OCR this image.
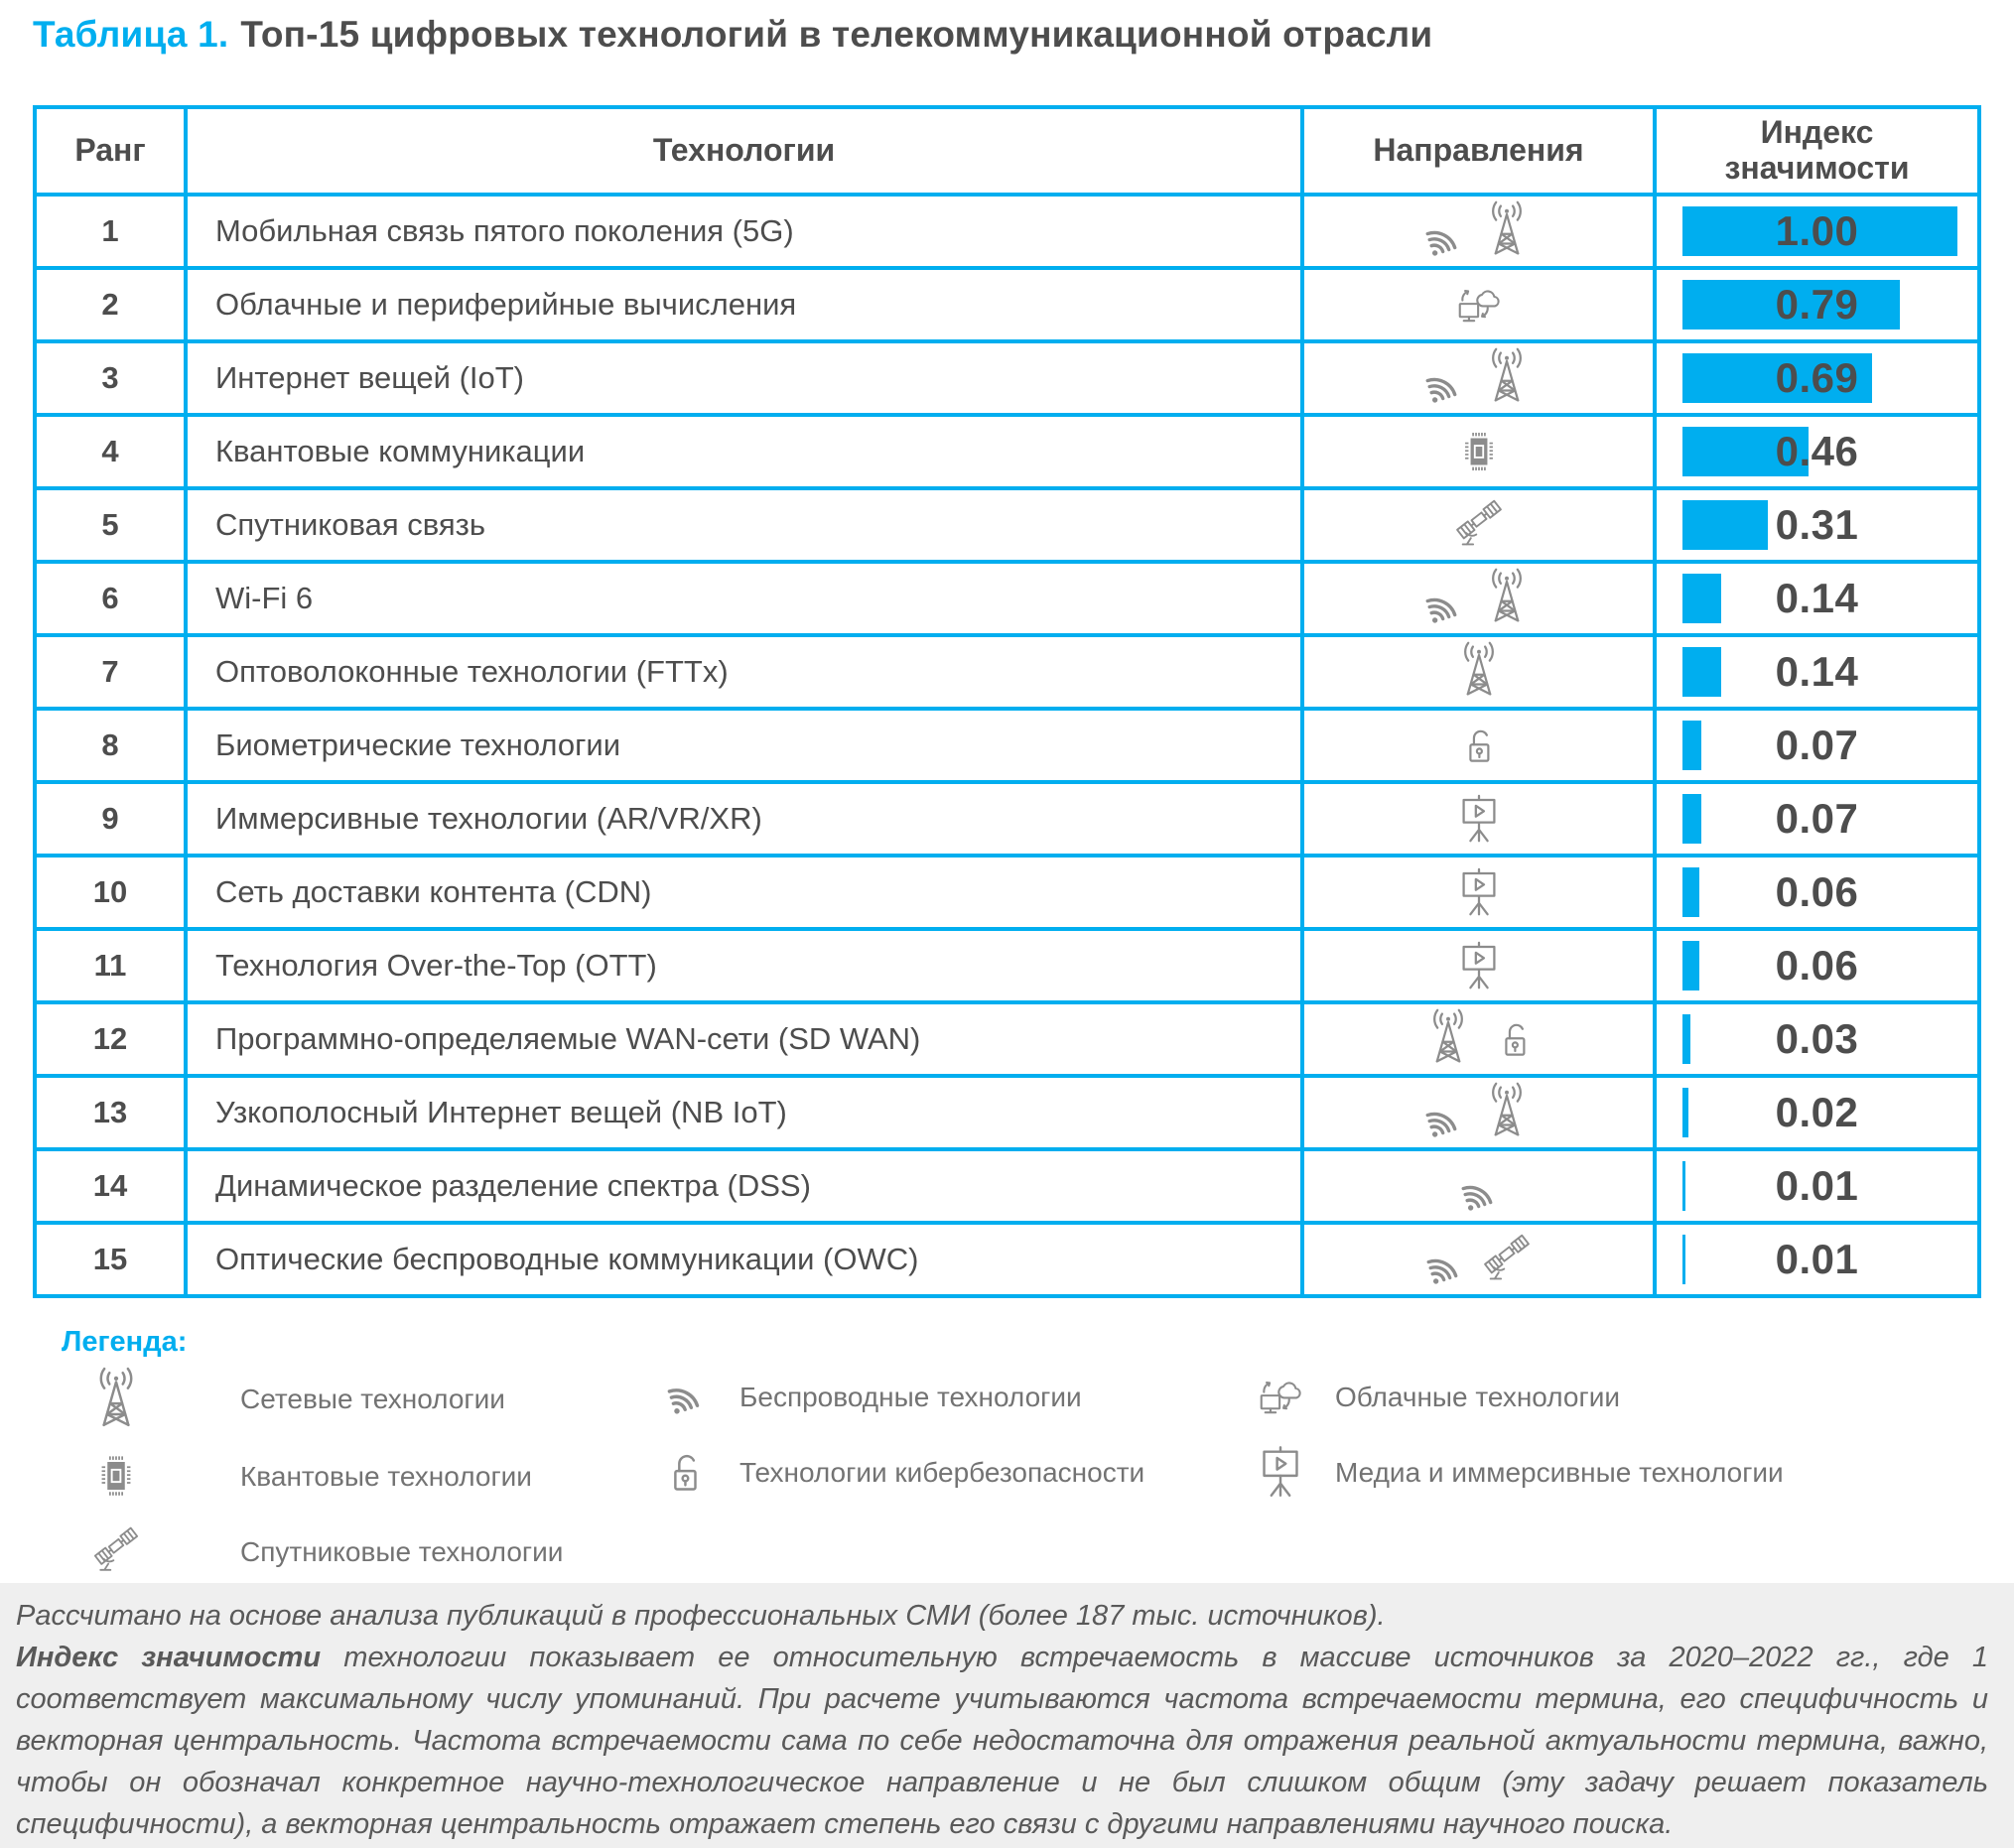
Таблица 1. Топ-15 цифровых технологий в телекоммуникационной отрасли
Ранг	Технологии	Направления	Индекс значимости
1	Мобильная связь пятого поколения (5G)	1.00
2	Облачные и периферийные вычисления	0.79
3	Интернет вещей (IoT)	0.69
4	Квантовые коммуникации	0.46
5	Спутниковая связь	0.31
6	Wi-Fi 6	0.14
7	Оптоволоконные технологии (FTTx)	0.14
8	Биометрические технологии	0.07
9	Иммерсивные технологии (AR/VR/XR)	0.07
10	Сеть доставки контента (CDN)	0.06
11	Технология Over-the-Top (ОТТ)	0.06
12	Программно-определяемые WAN-сети (SD WAN)	0.03
13	Узкополосный Интернет вещей (NB IoT)	0.02
14	Динамическое разделение спектра (DSS)	0.01
15	Оптические беспроводные коммуникации (OWC)	0.01
Легенда:
Сетевые технологии
Квантовые технологии
Спутниковые технологии
Беспроводные технологии
Технологии кибербезопасности
Облачные технологии
Медиа и иммерсивные технологии

Рассчитано на основе анализа публикаций в профессиональных СМИ (более 187 тыс. источников).

Индекс значимости технологии показывает ее относительную встречаемость в массиве источников за 2020–2022 гг., где 1 соответствует максимальному числу упоминаний. При расчете учитываются частота встречаемости термина, его специфичность и векторная центральность. Частота встречаемости сама по себе недостаточна для отражения реальной актуальности термина, важно, чтобы он обозначал конкретное научно-технологическое направление и не был слишком общим (эту задачу решает показатель специфичности), а векторная центральность отражает степень его связи с другими направлениями научного поиска.
